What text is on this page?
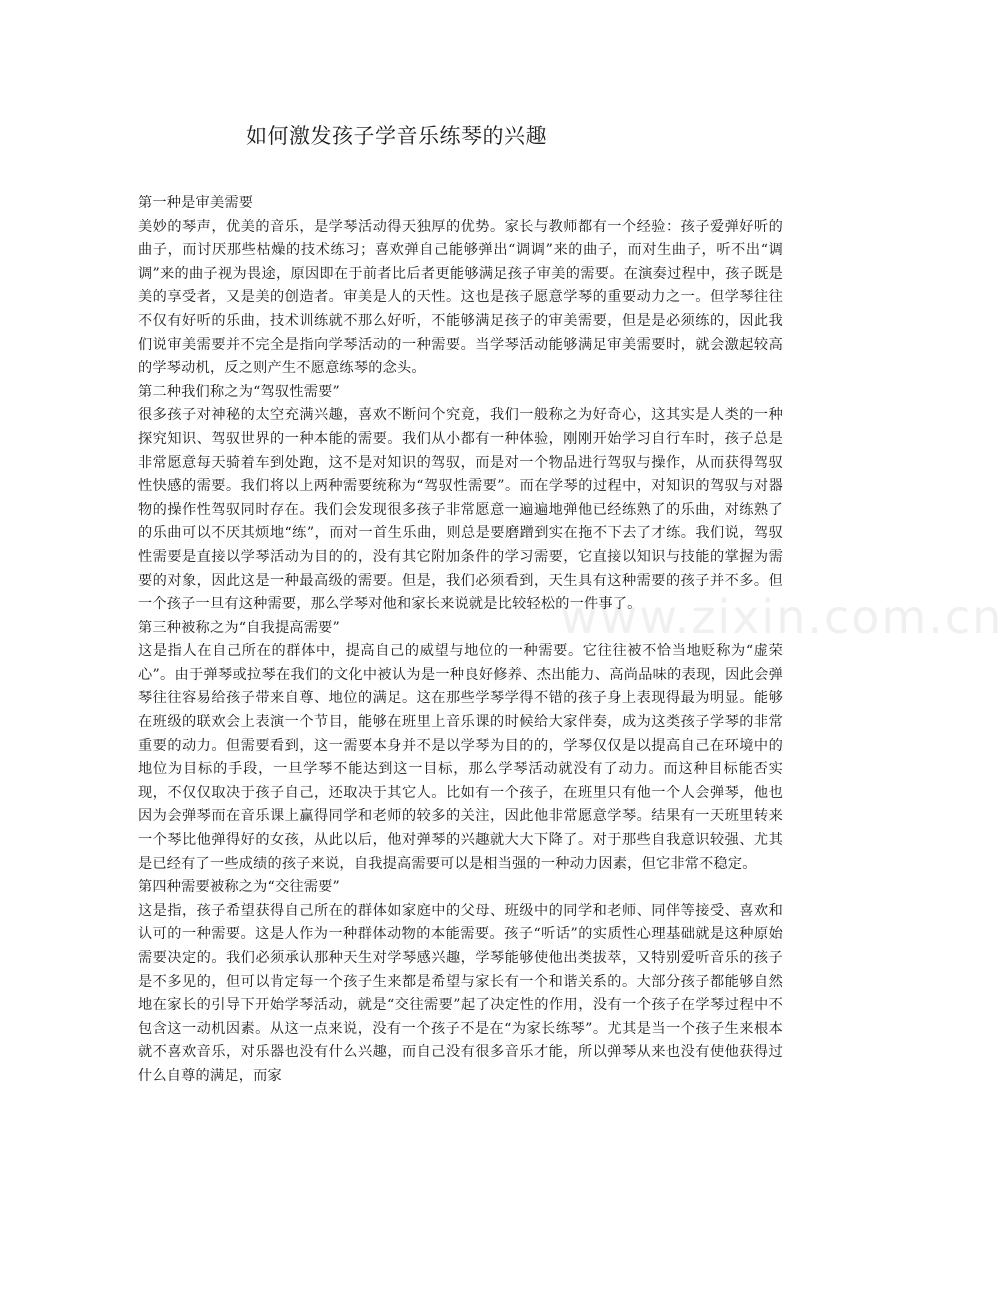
www.zixin.com.cn
如何激发孩子学音乐练琴的兴趣

第一种是审美需要

美妙的琴声，优美的音乐，是学琴活动得天独厚的优势。家长与教师都有一个经验：孩子爱弹好听的曲子，而讨厌那些枯燥的技术练习；喜欢弹自己能够弹出“调调”来的曲子，而对生曲子，听不出“调调”来的曲子视为畏途，原因即在于前者比后者更能够满足孩子审美的需要。在演奏过程中，孩子既是美的享受者，又是美的创造者。审美是人的天性。这也是孩子愿意学琴的重要动力之一。但学琴往往不仅有好听的乐曲，技术训练就不那么好听，不能够满足孩子的审美需要，但是是必须练的，因此我们说审美需要并不完全是指向学琴活动的一种需要。当学琴活动能够满足审美需要时，就会激起较高的学琴动机，反之则产生不愿意练琴的念头。

第二种我们称之为“驾驭性需要”

很多孩子对神秘的太空充满兴趣，喜欢不断问个究竟，我们一般称之为好奇心，这其实是人类的一种探究知识、驾驭世界的一种本能的需要。我们从小都有一种体验，刚刚开始学习自行车时，孩子总是非常愿意每天骑着车到处跑，这不是对知识的驾驭，而是对一个物品进行驾驭与操作，从而获得驾驭性快感的需要。我们将以上两种需要统称为“驾驭性需要”。而在学琴的过程中，对知识的驾驭与对器物的操作性驾驭同时存在。我们会发现很多孩子非常愿意一遍遍地弹他已经练熟了的乐曲，对练熟了的乐曲可以不厌其烦地“练”，而对一首生乐曲，则总是要磨蹭到实在拖不下去了才练。我们说，驾驭性需要是直接以学琴活动为目的的，没有其它附加条件的学习需要，它直接以知识与技能的掌握为需要的对象，因此这是一种最高级的需要。但是，我们必须看到，天生具有这种需要的孩子并不多。但一个孩子一旦有这种需要，那么学琴对他和家长来说就是比较轻松的一件事了。

第三种被称之为“自我提高需要”

这是指人在自己所在的群体中，提高自己的威望与地位的一种需要。它往往被不恰当地贬称为“虚荣心”。由于弹琴或拉琴在我们的文化中被认为是一种良好修养、杰出能力、高尚品味的表现，因此会弹琴往往容易给孩子带来自尊、地位的满足。这在那些学琴学得不错的孩子身上表现得最为明显。能够在班级的联欢会上表演一个节目，能够在班里上音乐课的时候给大家伴奏，成为这类孩子学琴的非常重要的动力。但需要看到，这一需要本身并不是以学琴为目的的，学琴仅仅是以提高自己在环境中的地位为目标的手段，一旦学琴不能达到这一目标，那么学琴活动就没有了动力。而这种目标能否实现，不仅仅取决于孩子自己，还取决于其它人。比如有一个孩子，在班里只有他一个人会弹琴，他也因为会弹琴而在音乐课上赢得同学和老师的较多的关注，因此他非常愿意学琴。结果有一天班里转来一个琴比他弹得好的女孩，从此以后，他对弹琴的兴趣就大大下降了。对于那些自我意识较强、尤其是已经有了一些成绩的孩子来说，自我提高需要可以是相当强的一种动力因素，但它非常不稳定。

第四种需要被称之为“交往需要”

这是指，孩子希望获得自己所在的群体如家庭中的父母、班级中的同学和老师、同伴等接受、喜欢和认可的一种需要。这是人作为一种群体动物的本能需要。孩子“听话”的实质性心理基础就是这种原始需要决定的。我们必须承认那种天生对学琴感兴趣，学琴能够使他出类拔萃，又特别爱听音乐的孩子是不多见的，但可以肯定每一个孩子生来都是希望与家长有一个和谐关系的。大部分孩子都能够自然地在家长的引导下开始学琴活动，就是“交往需要”起了决定性的作用，没有一个孩子在学琴过程中不包含这一动机因素。从这一点来说，没有一个孩子不是在“为家长练琴”。尤其是当一个孩子生来根本就不喜欢音乐，对乐器也没有什么兴趣，而自己没有很多音乐才能，所以弹琴从来也没有使他获得过什么自尊的满足，而家
